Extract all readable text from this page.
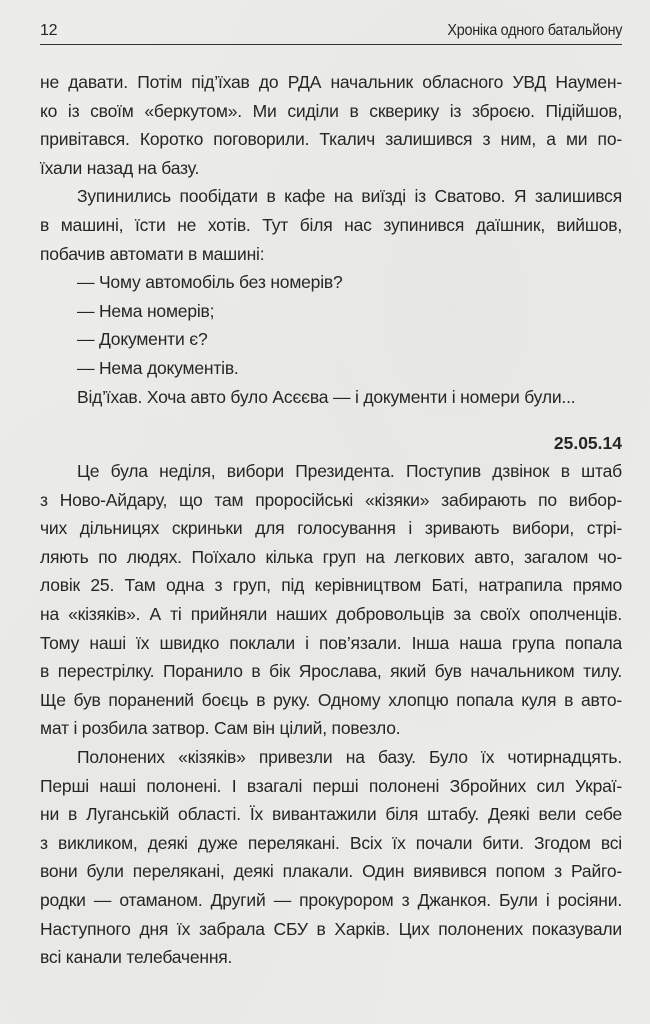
12	Хроніка одного батальйону
не давати. Потім під’їхав до РДА начальник обласного УВД Наумен-
ко із своїм «беркутом». Ми сиділи в скверику із зброєю. Підійшов,
привітався. Коротко поговорили. Ткалич залишився з ним, а ми по-
їхали назад на базу.
Зупинились пообідати в кафе на виїзді із Сватово. Я залишився
в машині, їсти не хотів. Тут біля нас зупинився даїшник, вийшов,
побачив автомати в машині:
— Чому автомобіль без номерів?
— Нема номерів;
— Документи є?
— Нема документів.
Від’їхав. Хоча авто було Асєєва — і документи і номери були...
Це була неділя, вибори Президента. Поступив дзвінок в штаб
з Ново-Айдару, що там проросійські «кізяки» забирають по вибор-
чих дільницях скриньки для голосування і зривають вибори, стрі-
ляють по людях. Поїхало кілька груп на легкових авто, загалом чо-
ловік 25. Там одна з груп, під керівництвом Баті, натрапила прямо
на «кізяків». А ті прийняли наших добровольців за своїх ополченців.
Тому наші їх швидко поклали і пов’язали. Інша наша група попала
в перестрілку. Поранило в бік Ярослава, який був начальником тилу.
Ще був поранений боєць в руку. Одному хлопцю попала куля в авто-
мат і розбила затвор. Сам він цілий, повезло.
Полонених «кізяків» привезли на базу. Було їх чотирнадцять.
Перші наші полонені. І взагалі перші полонені Збройних сил Украї-
ни в Луганській області. Їх вивантажили біля штабу. Деякі вели себе
з викликом, деякі дуже перелякані. Всіх їх почали бити. Згодом всі
вони були перелякані, деякі плакали. Один виявився попом з Райго-
родки — отаманом. Другий — прокурором з Джанкоя. Були і росіяни.
Наступного дня їх забрала СБУ в Харків. Цих полонених показували
всі канали телебачення.
25.05.14
